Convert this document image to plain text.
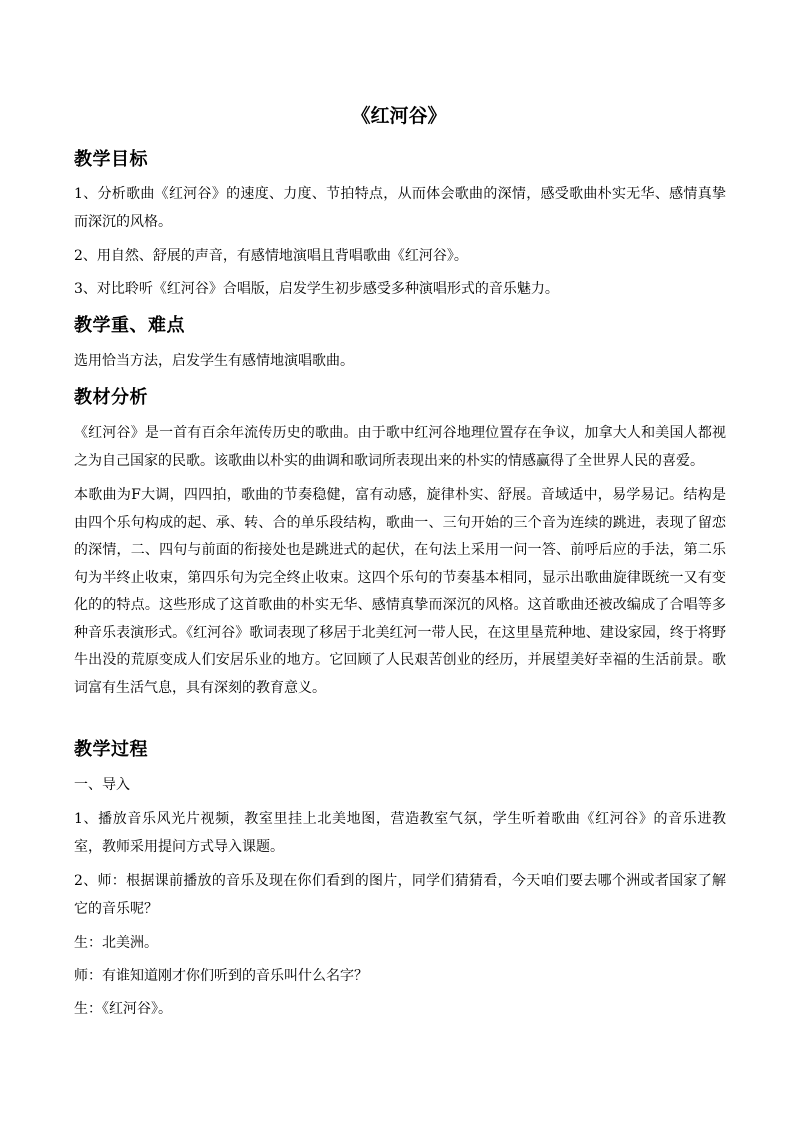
《红河谷》
教学目标
1、分析歌曲《红河谷》的速度、力度、节拍特点，从而体会歌曲的深情，感受歌曲朴实无华、感情真挚而深沉的风格。
2、用自然、舒展的声音，有感情地演唱且背唱歌曲《红河谷》。
3、对比聆听《红河谷》合唱版，启发学生初步感受多种演唱形式的音乐魅力。
教学重、难点
选用恰当方法，启发学生有感情地演唱歌曲。
教材分析
《红河谷》是一首有百余年流传历史的歌曲。由于歌中红河谷地理位置存在争议，加拿大人和美国人都视之为自己国家的民歌。该歌曲以朴实的曲调和歌词所表现出来的朴实的情感赢得了全世界人民的喜爱。
本歌曲为F大调，四四拍，歌曲的节奏稳健，富有动感，旋律朴实、舒展。音域适中，易学易记。结构是由四个乐句构成的起、承、转、合的单乐段结构，歌曲一、三句开始的三个音为连续的跳进，表现了留恋的深情，二、四句与前面的衔接处也是跳进式的起伏，在句法上采用一问一答、前呼后应的手法，第二乐句为半终止收束，第四乐句为完全终止收束。这四个乐句的节奏基本相同，显示出歌曲旋律既统一又有变化的的特点。这些形成了这首歌曲的朴实无华、感情真挚而深沉的风格。这首歌曲还被改编成了合唱等多种音乐表演形式。《红河谷》歌词表现了移居于北美红河一带人民，在这里垦荒种地、建设家园，终于将野牛出没的荒原变成人们安居乐业的地方。它回顾了人民艰苦创业的经历，并展望美好幸福的生活前景。歌词富有生活气息，具有深刻的教育意义。
教学过程
一、导入
1、播放音乐风光片视频，教室里挂上北美地图，营造教室气氛，学生听着歌曲《红河谷》的音乐进教室，教师采用提问方式导入课题。
2、师：根据课前播放的音乐及现在你们看到的图片，同学们猜猜看，今天咱们要去哪个洲或者国家了解它的音乐呢？
生：北美洲。
师：有谁知道刚才你们听到的音乐叫什么名字？
生：《红河谷》。
